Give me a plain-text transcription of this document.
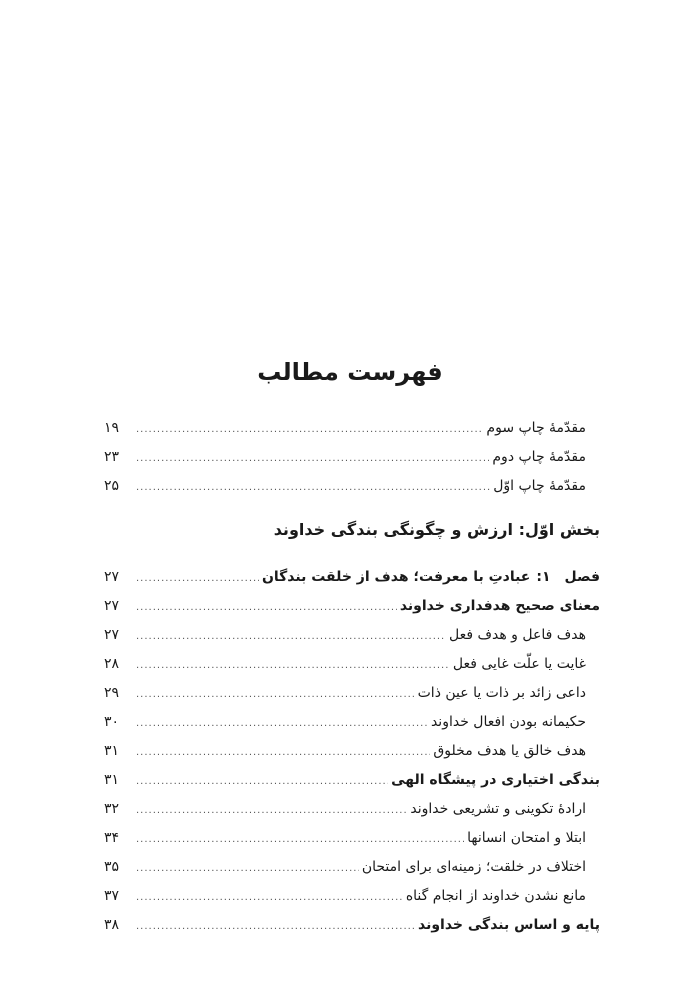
فهرست مطالب
مقدّمهٔ چاپ سوم
.....
۱۹
مقدّمهٔ چاپ دوم
.....
۲۳
مقدّمهٔ چاپ اوّل
.....
۲۵
بخش اوّل: ارزش و چگونگی بندگی خداوند
فصل۱:عبادتِ با معرفت؛ هدف از خلقت بندگان
.....
۲۷
معنای صحیح هدفداری خداوند
.....
۲۷
هدف فاعل و هدف فعل
.....
۲۷
غایت یا علّت غایی فعل
.....
۲۸
داعی زائد بر ذات یا عین ذات
.....
۲۹
حکیمانه بودن افعال خداوند
.....
۳۰
هدف خالق یا هدف مخلوق
.....
۳۱
بندگی اختیاری در پیشگاه الهی
.....
۳۱
ارادهٔ تکوینی و تشریعی خداوند
.....
۳۲
ابتلا و امتحان انسانها
.....
۳۴
اختلاف در خلقت؛ زمینه‌ای برای امتحان
.....
۳۵
مانع نشدن خداوند از انجام گناه
.....
۳۷
پایه و اساس بندگی خداوند
.....
۳۸
